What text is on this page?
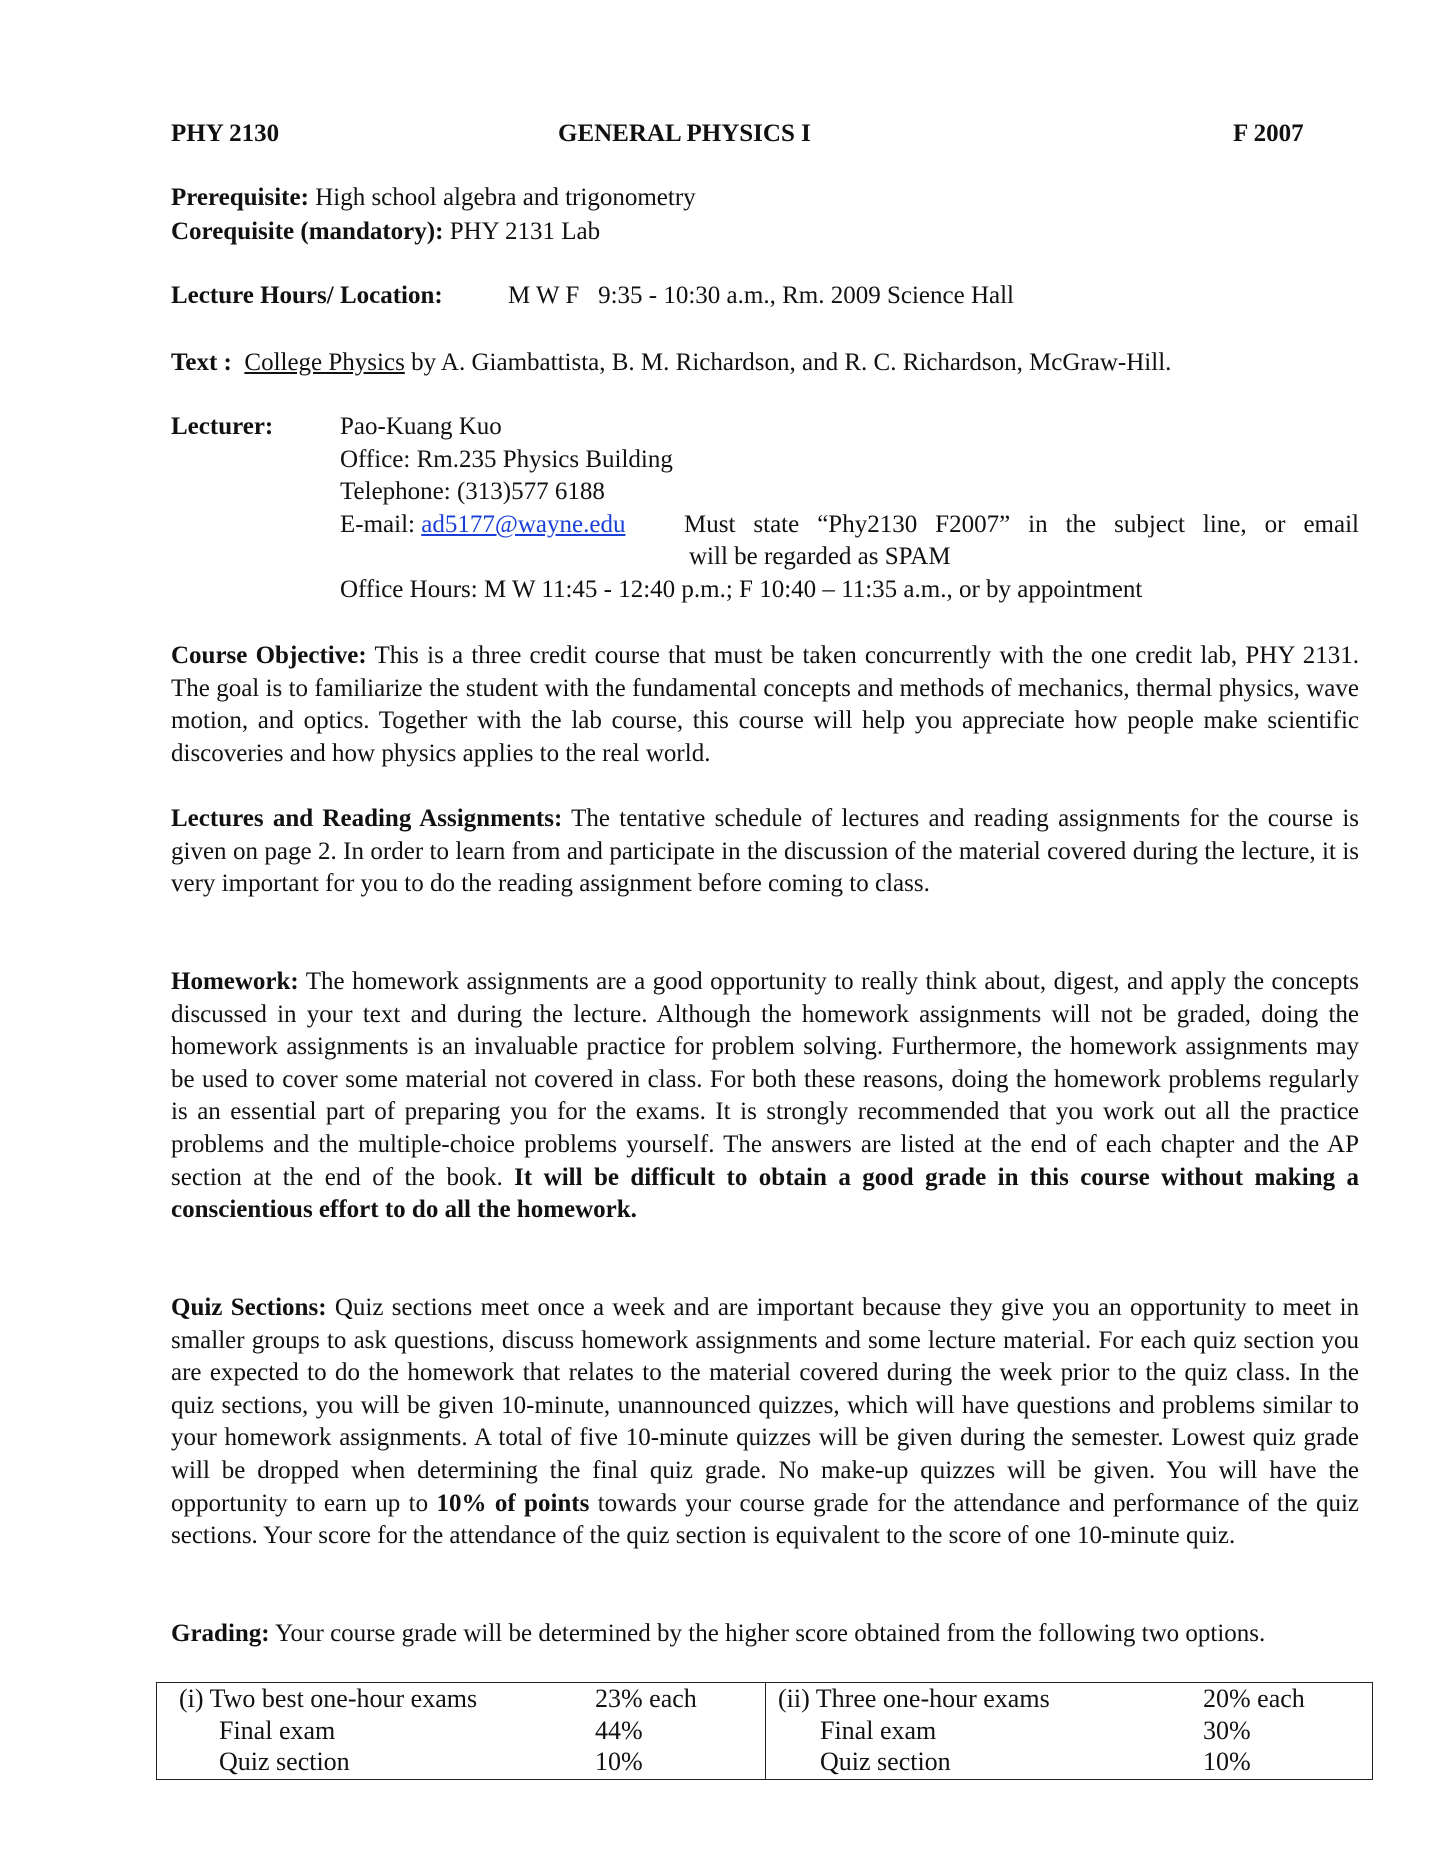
PHY 2130	GENERAL PHYSICS I	F 2007
Prerequisite: High school algebra and trigonometry
Corequisite (mandatory): PHY 2131 Lab
Lecture Hours/ Location:	M W F   9:35 - 10:30 a.m., Rm. 2009 Science Hall
Text : College Physics by A. Giambattista, B. M. Richardson, and R. C. Richardson, McGraw-Hill.
Lecturer:	Pao-Kuang Kuo
Office: Rm.235 Physics Building
Telephone: (313)577 6188
E-mail: ad5177@wayne.edu Must state “Phy2130 F2007” in the subject line, or email
will be regarded as SPAM
Office Hours: M W 11:45 - 12:40 p.m.; F 10:40 – 11:35 a.m., or by appointment
Course Objective: This is a three credit course that must be taken concurrently with the one credit lab, PHY 2131. The goal is to familiarize the student with the fundamental concepts and methods of mechanics, thermal physics, wave motion, and optics. Together with the lab course, this course will help you appreciate how people make scientific discoveries and how physics applies to the real world.
Lectures and Reading Assignments: The tentative schedule of lectures and reading assignments for the course is given on page 2. In order to learn from and participate in the discussion of the material covered during the lecture, it is very important for you to do the reading assignment before coming to class.
Homework: The homework assignments are a good opportunity to really think about, digest, and apply the concepts discussed in your text and during the lecture. Although the homework assignments will not be graded, doing the homework assignments is an invaluable practice for problem solving. Furthermore, the homework assignments may be used to cover some material not covered in class. For both these reasons, doing the homework problems regularly is an essential part of preparing you for the exams. It is strongly recommended that you work out all the practice problems and the multiple-choice problems yourself. The answers are listed at the end of each chapter and the AP section at the end of the book. It will be difficult to obtain a good grade in this course without making a conscientious effort to do all the homework.
Quiz Sections: Quiz sections meet once a week and are important because they give you an opportunity to meet in smaller groups to ask questions, discuss homework assignments and some lecture material. For each quiz section you are expected to do the homework that relates to the material covered during the week prior to the quiz class. In the quiz sections, you will be given 10-minute, unannounced quizzes, which will have questions and problems similar to your homework assignments. A total of five 10-minute quizzes will be given during the semester. Lowest quiz grade will be dropped when determining the final quiz grade. No make-up quizzes will be given. You will have the opportunity to earn up to 10% of points towards your course grade for the attendance and performance of the quiz sections. Your score for the attendance of the quiz section is equivalent to the score of one 10-minute quiz.
Grading: Your course grade will be determined by the higher score obtained from the following two options.
(i) Two best one-hour exams	23% each
Final exam	44%
Quiz section	10%
(ii) Three one-hour exams	20% each
Final exam	30%
Quiz section	10%
